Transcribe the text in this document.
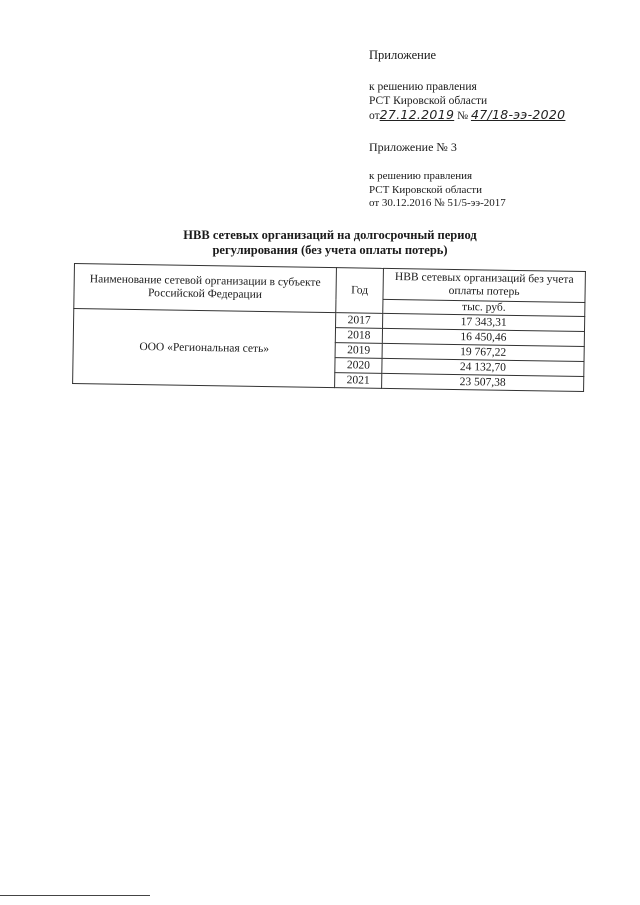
Приложение
к решению правления
РСТ Кировской области
от27.12.2019 № 47/18-ээ-2020
Приложение № 3
к решению правления
РСТ Кировской области
от 30.12.2016 № 51/5-ээ-2017
НВВ сетевых организаций на долгосрочный период
регулирования (без учета оплаты потерь)
Наименование сетевой организации в субъекте Российской Федерации	Год	НВВ сетевых организаций без учета оплаты потерь
		тыс. руб.
ООО «Региональная сеть»	2017	17 343,31
	2018	16 450,46
	2019	19 767,22
	2020	24 132,70
	2021	23 507,38
